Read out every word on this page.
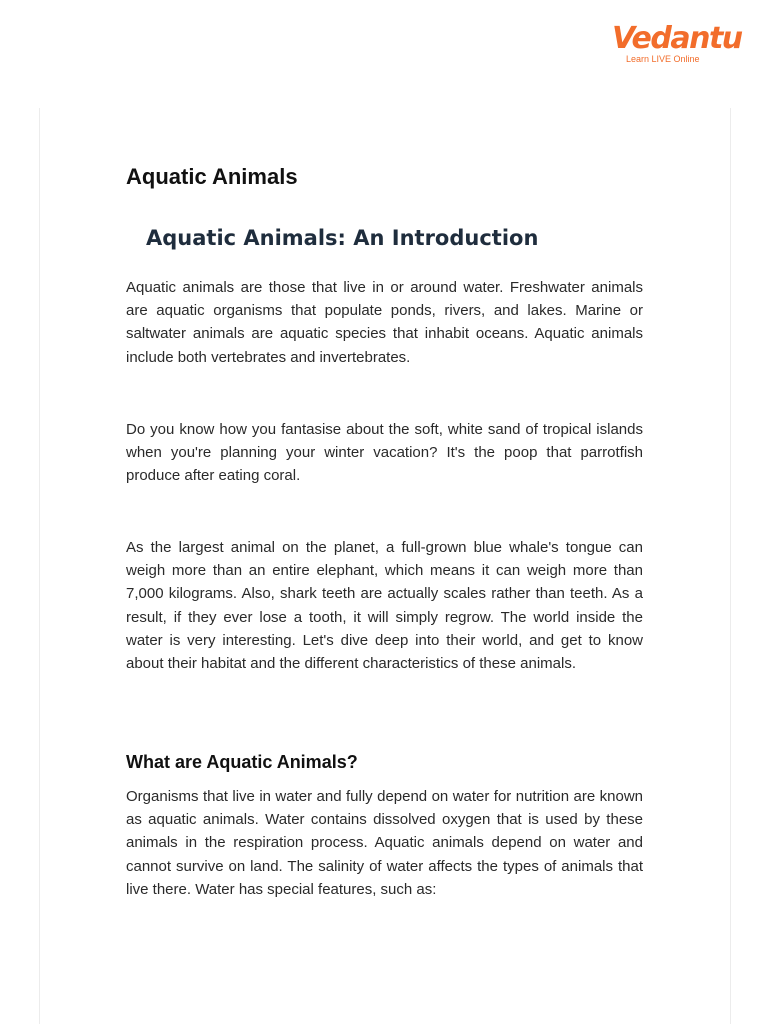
Vedantu
Learn LIVE Online
Aquatic Animals
Aquatic Animals: An Introduction

Aquatic animals are those that live in or around water. Freshwater animals are aquatic organisms that populate ponds, rivers, and lakes. Marine or saltwater animals are aquatic species that inhabit oceans. Aquatic animals include both vertebrates and invertebrates.

Do you know how you fantasise about the soft, white sand of tropical islands when you're planning your winter vacation? It's the poop that parrotfish produce after eating coral.

As the largest animal on the planet, a full-grown blue whale's tongue can weigh more than an entire elephant, which means it can weigh more than 7,000 kilograms. Also, shark teeth are actually scales rather than teeth. As a result, if they ever lose a tooth, it will simply regrow. The world inside the water is very interesting. Let's dive deep into their world, and get to know about their habitat and the different characteristics of these animals.

What are Aquatic Animals?

Organisms that live in water and fully depend on water for nutrition are known as aquatic animals. Water contains dissolved oxygen that is used by these animals in the respiration process. Aquatic animals depend on water and cannot survive on land. The salinity of water affects the types of animals that live there. Water has special features, such as:
